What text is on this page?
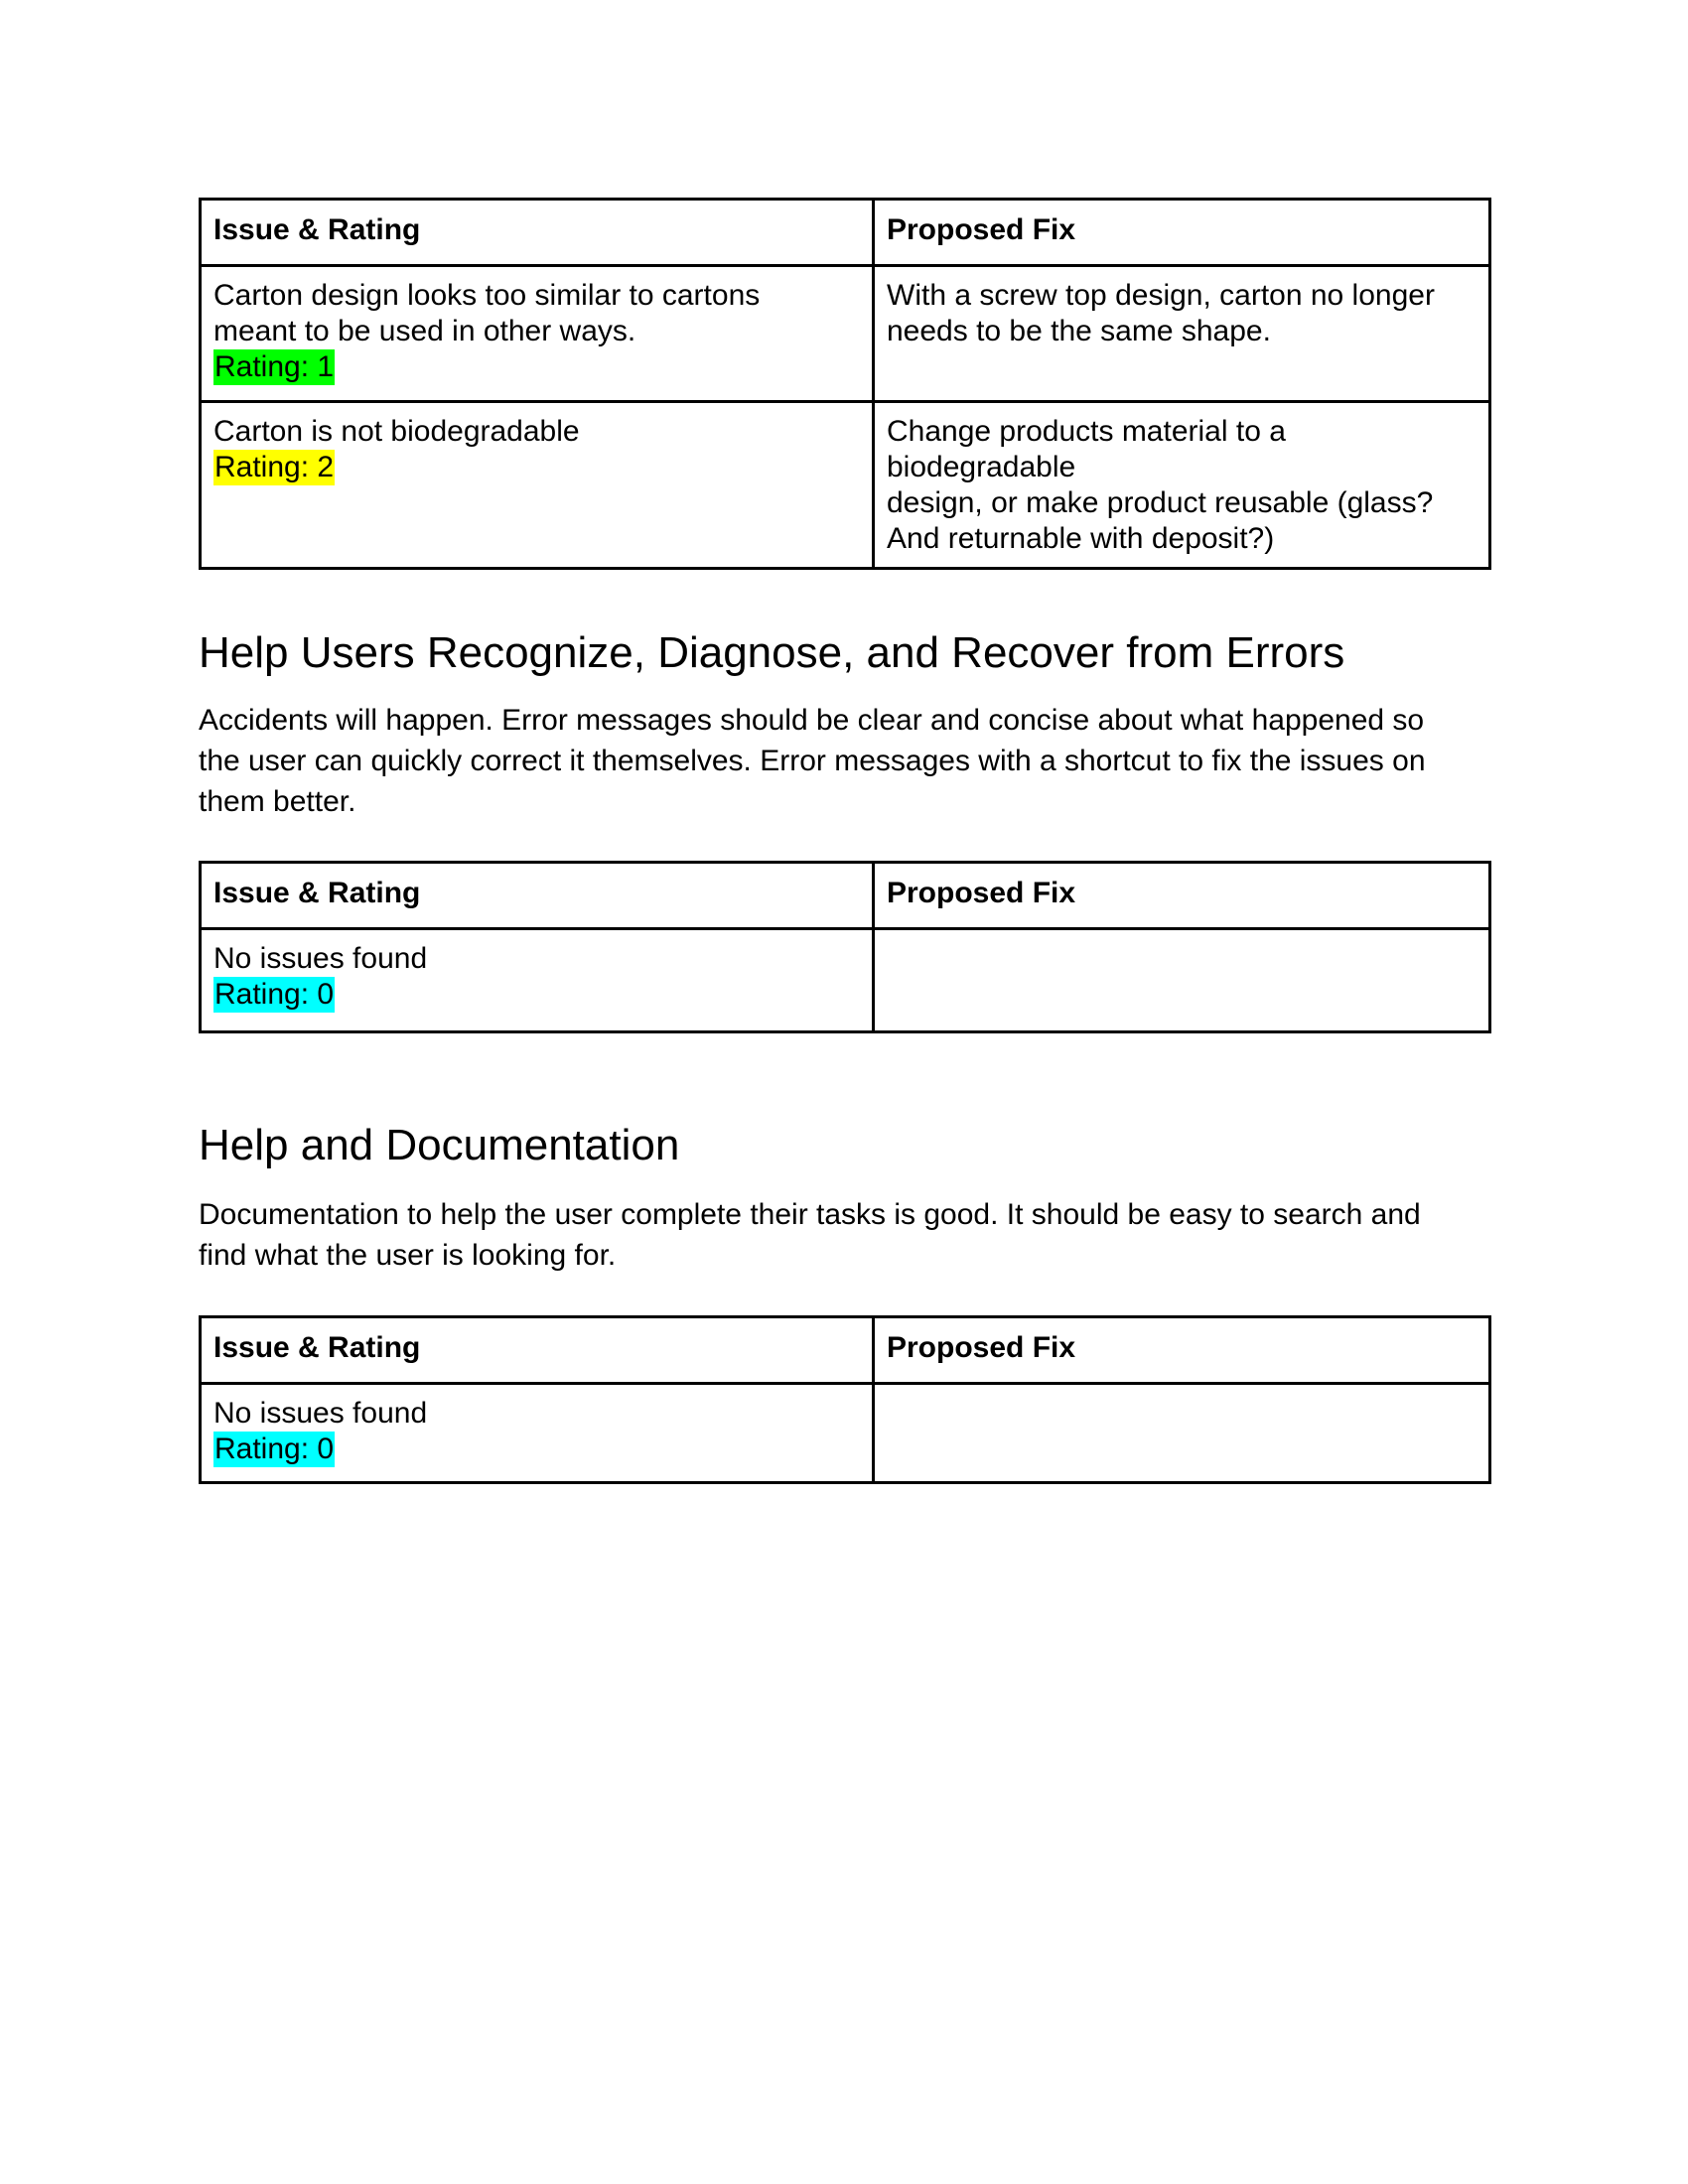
Issue & Rating	Proposed Fix

Carton design looks too similar to cartons
meant to be used in other ways.
Rating: 1	With a screw top design, carton no longer
needs to be the same shape.

Carton is not biodegradable
Rating: 2	Change products material to a biodegradable
design, or make product reusable (glass?
And returnable with deposit?)
Help Users Recognize, Diagnose, and Recover from Errors

Accidents will happen. Error messages should be clear and concise about what happened so
the user can quickly correct it themselves. Error messages with a shortcut to fix the issues on
them better.

Issue & Rating	Proposed Fix

No issues found
Rating: 0	
Help and Documentation

Documentation to help the user complete their tasks is good. It should be easy to search and
find what the user is looking for.

Issue & Rating	Proposed Fix

No issues found
Rating: 0	
